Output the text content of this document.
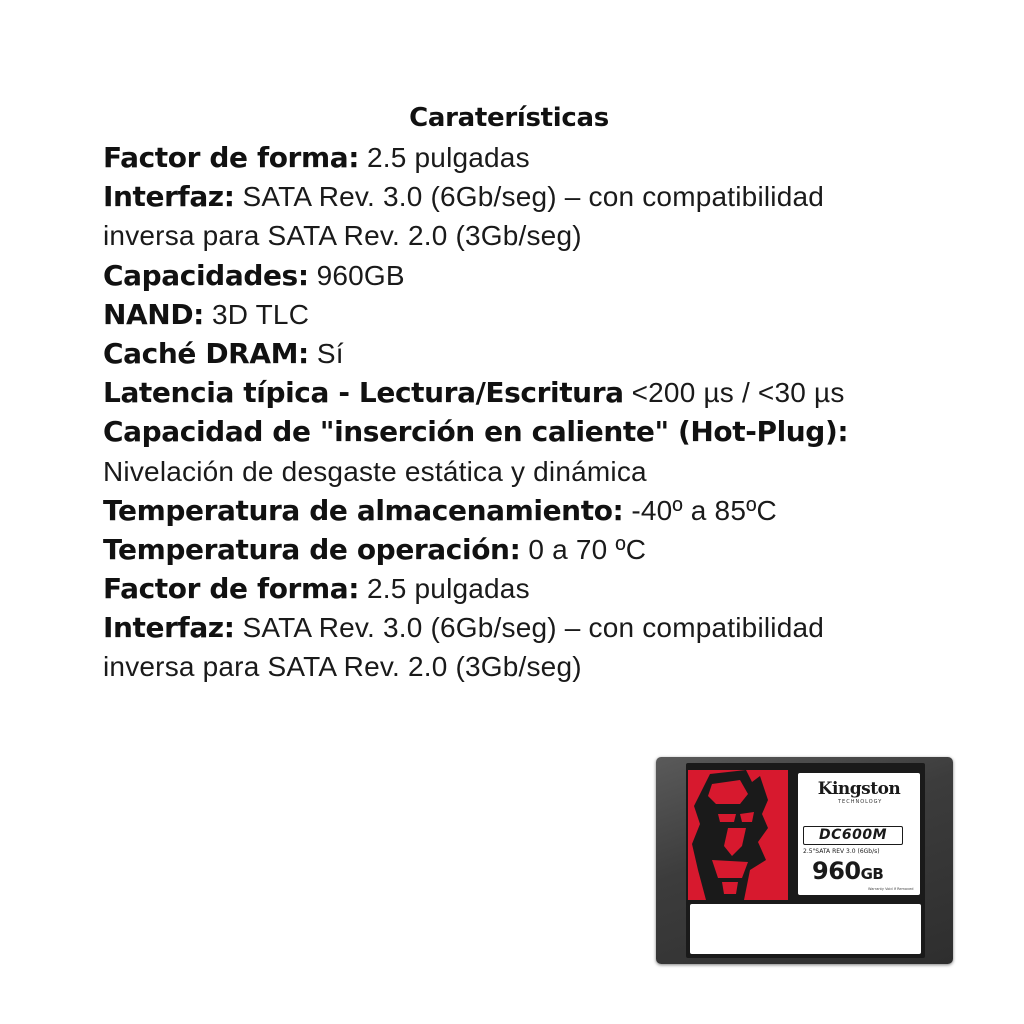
Caraterísticas
Factor de forma: 2.5 pulgadas
Interfaz: SATA Rev. 3.0 (6Gb/seg) – con compatibilidad
inversa para SATA Rev. 2.0 (3Gb/seg)
Capacidades: 960GB
NAND: 3D TLC
Caché DRAM: Sí
Latencia típica - Lectura/Escritura <200 µs / <30 µs
Capacidad de "inserción en caliente" (Hot-Plug):
Nivelación de desgaste estática y dinámica
Temperatura de almacenamiento: -40º a 85ºC
Temperatura de operación: 0 a 70 ºC
Factor de forma: 2.5 pulgadas
Interfaz: SATA Rev. 3.0 (6Gb/seg) – con compatibilidad
inversa para SATA Rev. 2.0 (3Gb/seg)
Kingston
TECHNOLOGY
DC600M
2.5"SATA REV 3.0 (6Gb/s)
960GB
Warranty Void If Removed
